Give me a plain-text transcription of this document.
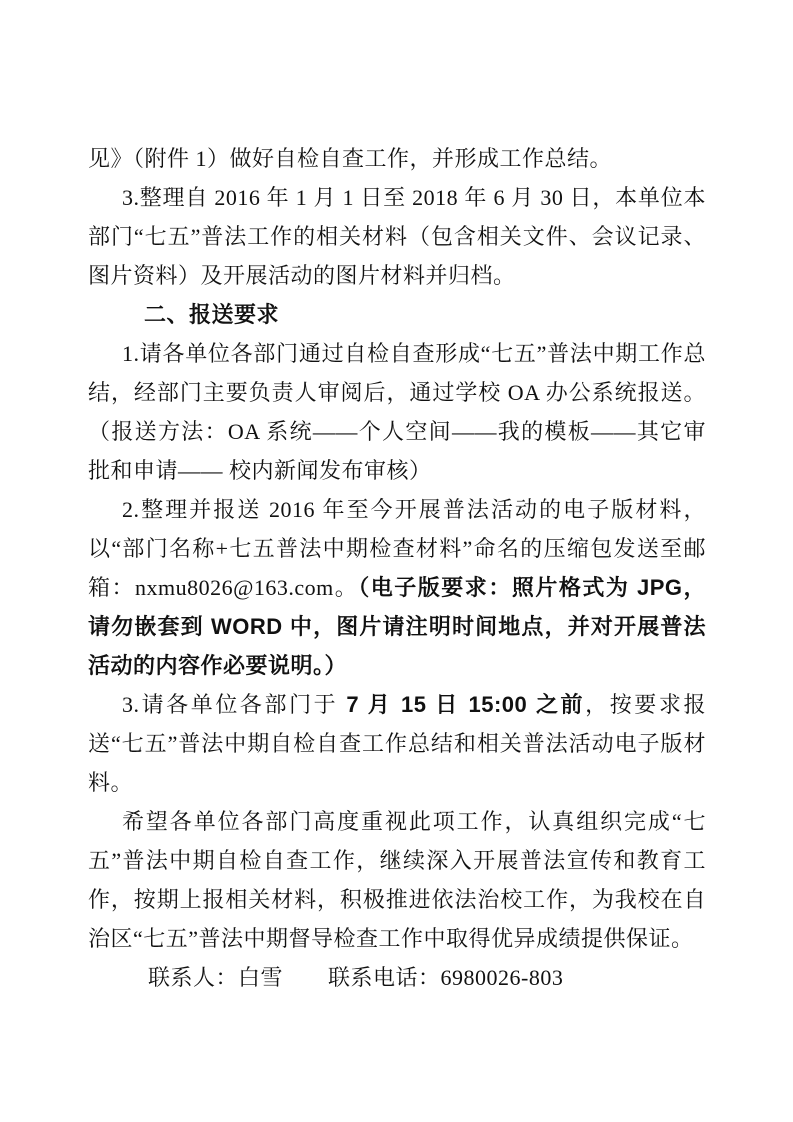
见》（附件 1）做好自检自查工作，并形成工作总结。

3.整理自 2016 年 1 月 1 日至 2018 年 6 月 30 日，本单位本部门“七五”普法工作的相关材料（包含相关文件、会议记录、图片资料）及开展活动的图片材料并归档。

二、报送要求

1.请各单位各部门通过自检自查形成“七五”普法中期工作总结，经部门主要负责人审阅后，通过学校 OA 办公系统报送。（报送方法：OA 系统——个人空间——我的模板——其它审批和申请—— 校内新闻发布审核）

2.整理并报送 2016 年至今开展普法活动的电子版材料，以“部门名称+七五普法中期检查材料”命名的压缩包发送至邮箱：nxmu8026@163.com。（电子版要求：照片格式为 JPG，请勿嵌套到 WORD 中，图片请注明时间地点，并对开展普法活动的内容作必要说明。）

3.请各单位各部门于 7 月 15 日 15:00 之前，按要求报送“七五”普法中期自检自查工作总结和相关普法活动电子版材料。

希望各单位各部门高度重视此项工作，认真组织完成“七五”普法中期自检自查工作，继续深入开展普法宣传和教育工作，按期上报相关材料，积极推进依法治校工作，为我校在自治区“七五”普法中期督导检查工作中取得优异成绩提供保证。

联系人：白雪　　联系电话：6980026-803
